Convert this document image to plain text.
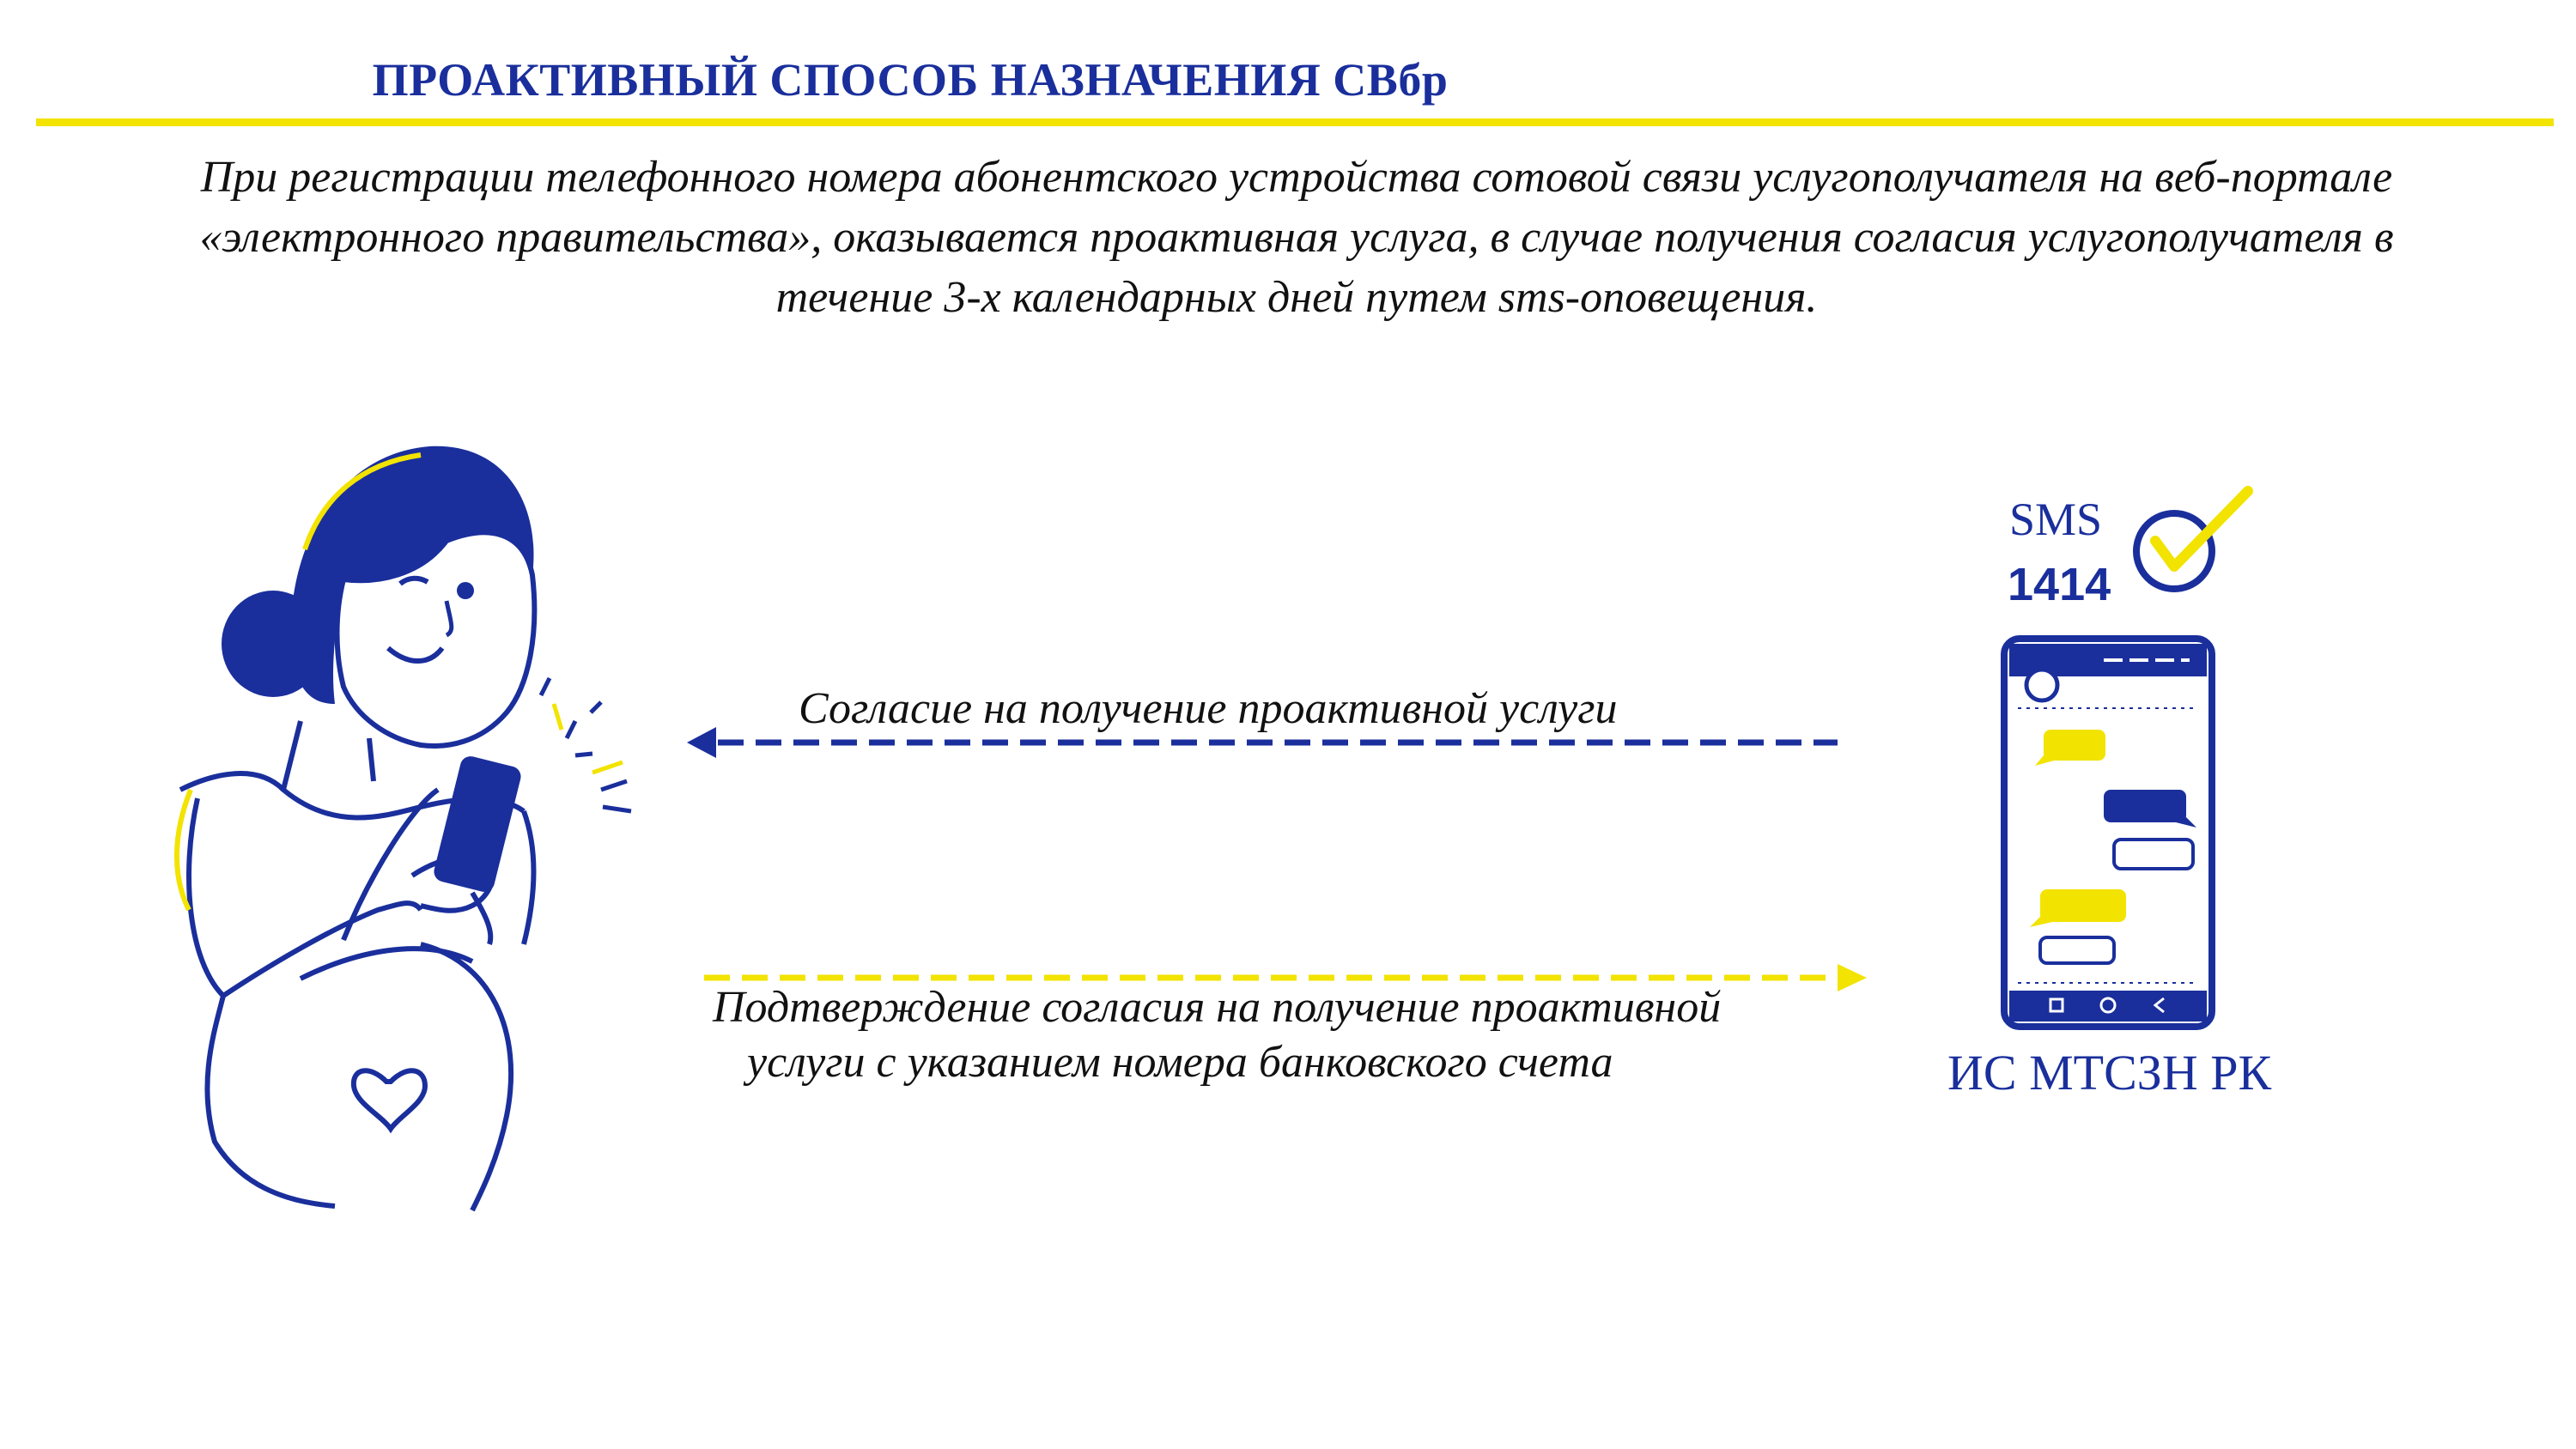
ПРОАКТИВНЫЙ СПОСОБ НАЗНАЧЕНИЯ СВбр
При регистрации телефонного номера абонентского устройства сотовой связи услугополучателя на веб-портале
«электронного правительства», оказывается проактивная услуга, в случае получения согласия услугополучателя в
течение 3-х календарных дней путем sms-оповещения.
Согласие на получение проактивной услуги
Подтверждение согласия на получение проактивной
услуги с указанием номера банковского счета
SMS
1414
ИС МТСЗН РК
